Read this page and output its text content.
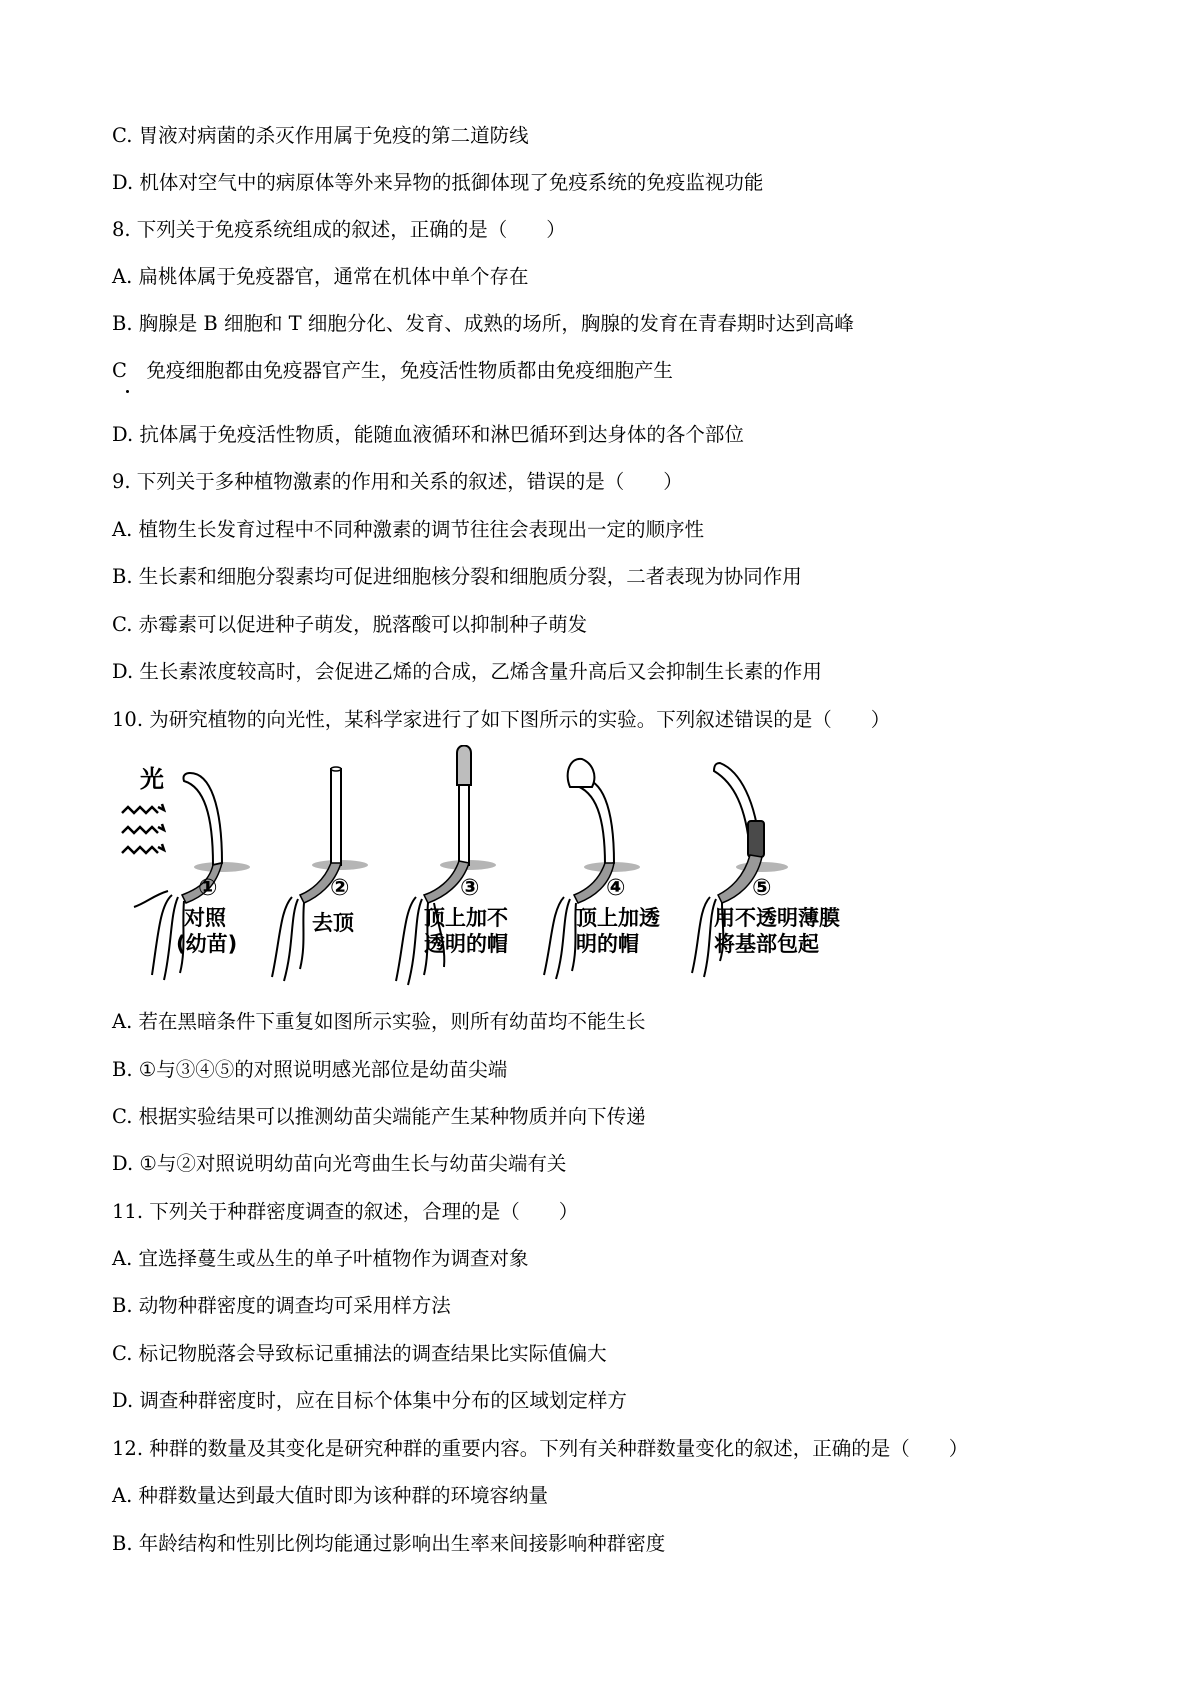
C. 胃液对病菌的杀灭作用属于免疫的第二道防线

D. 机体对空气中的病原体等外来异物的抵御体现了免疫系统的免疫监视功能

8. 下列关于免疫系统组成的叙述，正确的是（　　）

A. 扁桃体属于免疫器官，通常在机体中单个存在

B. 胸腺是 B 细胞和 T 细胞分化、发育、成熟的场所，胸腺的发育在青春期时达到高峰

C　免疫细胞都由免疫器官产生，免疫活性物质都由免疫细胞产生

D. 抗体属于免疫活性物质，能随血液循环和淋巴循环到达身体的各个部位

9. 下列关于多种植物激素的作用和关系的叙述，错误的是（　　）

A. 植物生长发育过程中不同种激素的调节往往会表现出一定的顺序性

B. 生长素和细胞分裂素均可促进细胞核分裂和细胞质分裂，二者表现为协同作用

C. 赤霉素可以促进种子萌发，脱落酸可以抑制种子萌发

D. 生长素浓度较高时，会促进乙烯的合成，乙烯含量升高后又会抑制生长素的作用

10. 为研究植物的向光性，某科学家进行了如下图所示的实验。下列叙述错误的是（　　）

光
①
对照
(幼苗)
②
去顶
③
顶上加不
透明的帽
④
顶上加透
明的帽
⑤
用不透明薄膜
将基部包起

A. 若在黑暗条件下重复如图所示实验，则所有幼苗均不能生长

B. ①与③④⑤的对照说明感光部位是幼苗尖端

C. 根据实验结果可以推测幼苗尖端能产生某种物质并向下传递

D. ①与②对照说明幼苗向光弯曲生长与幼苗尖端有关

11. 下列关于种群密度调查的叙述，合理的是（　　）

A. 宜选择蔓生或丛生的单子叶植物作为调查对象

B. 动物种群密度的调查均可采用样方法

C. 标记物脱落会导致标记重捕法的调查结果比实际值偏大

D. 调查种群密度时，应在目标个体集中分布的区域划定样方

12. 种群的数量及其变化是研究种群的重要内容。下列有关种群数量变化的叙述，正确的是（　　）

A. 种群数量达到最大值时即为该种群的环境容纳量

B. 年龄结构和性别比例均能通过影响出生率来间接影响种群密度
